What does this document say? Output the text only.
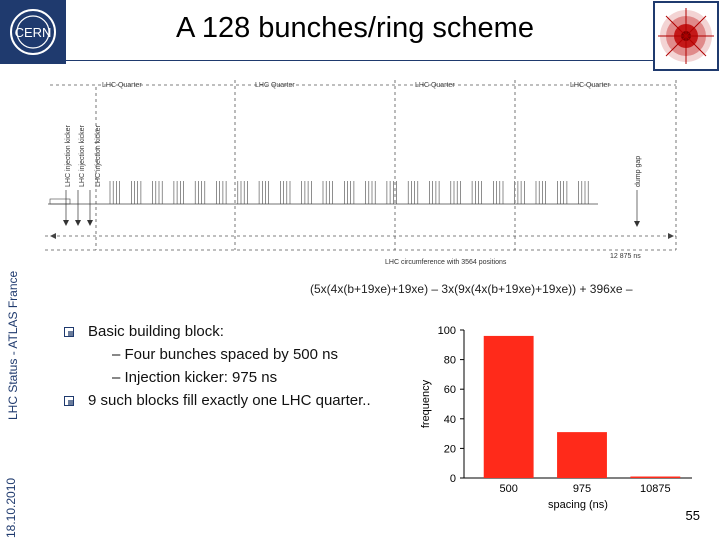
CERN	A 128 bunches/ring scheme
LHC Status - ATLAS France
18.10.2010
LHC Quarter	LHC Quarter	LHC Quarter	LHC Quarter
LHC injection kicker LHC injection kicker LHC injection kicker	dump gap
LHC circumference with 3564 positions
12 875 ns
(5x(4x(b+19xe)+19xe) – 3x(9x(4x(b+19xe)+19xe)) + 396xe –
Basic building block:
– Four bunches spaced by 500 ns
– Injection kicker: 975 ns
9 such blocks fill exactly one LHC quarter..
0
20
40
60
80
100
500	975	10875
spacing (ns)
frequency
55
